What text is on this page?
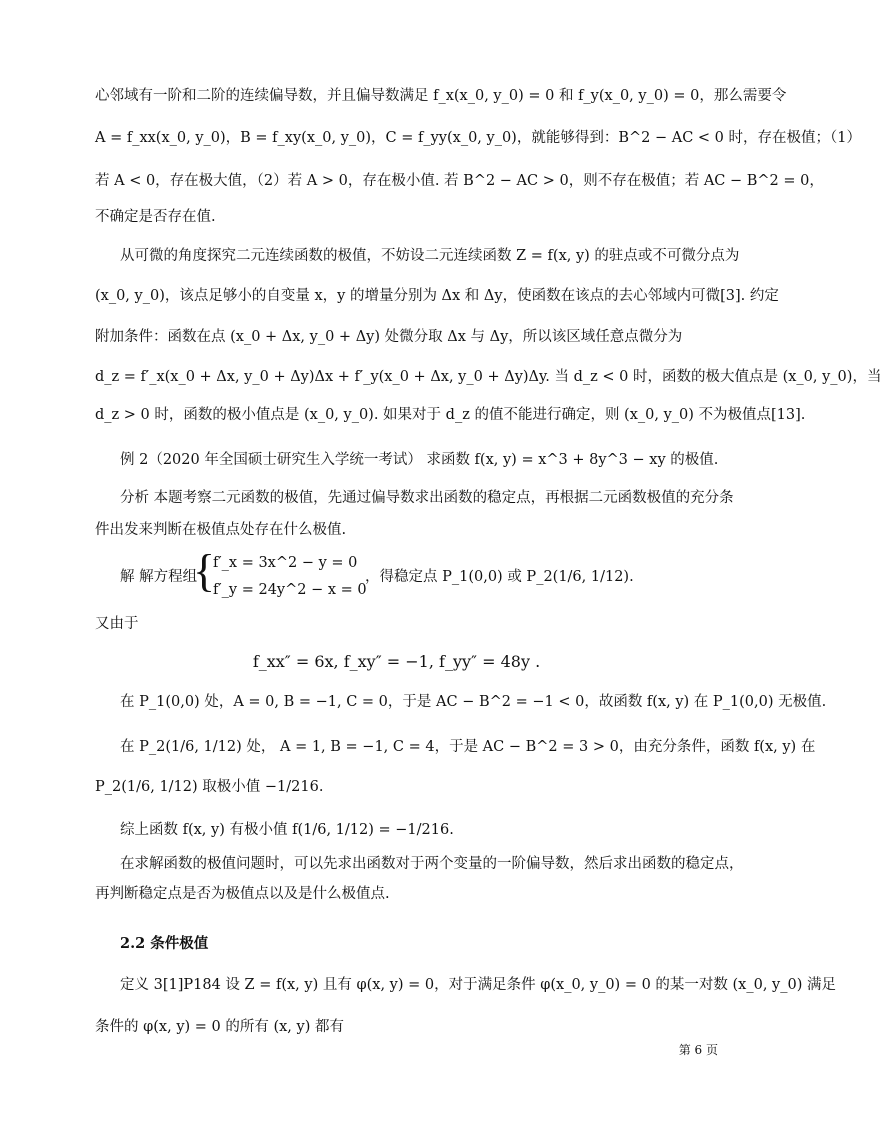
心邻域有一阶和二阶的连续偏导数，并且偏导数满足 f_x(x_0, y_0) = 0 和 f_y(x_0, y_0) = 0，那么需要令
A = f_xx(x_0, y_0)，B = f_xy(x_0, y_0)，C = f_yy(x_0, y_0)，就能够得到：B^2 − AC < 0 时，存在极值；（1）
若 A < 0，存在极大值，（2）若 A > 0，存在极小值. 若 B^2 − AC > 0，则不存在极值；若 AC − B^2 = 0，
不确定是否存在值.
从可微的角度探究二元连续函数的极值，不妨设二元连续函数 Z = f(x, y) 的驻点或不可微分点为
(x_0, y_0)，该点足够小的自变量 x，y 的增量分别为 Δx 和 Δy，使函数在该点的去心邻域内可微[3]. 约定
附加条件：函数在点 (x_0 + Δx, y_0 + Δy) 处微分取 Δx 与 Δy，所以该区域任意点微分为
d_z = f′_x(x_0 + Δx, y_0 + Δy)Δx + f′_y(x_0 + Δx, y_0 + Δy)Δy. 当 d_z < 0 时，函数的极大值点是 (x_0, y_0)，当
d_z > 0 时，函数的极小值点是 (x_0, y_0). 如果对于 d_z 的值不能进行确定，则 (x_0, y_0) 不为极值点[13].
例 2（2020 年全国硕士研究生入学统一考试） 求函数 f(x, y) = x^3 + 8y^3 − xy 的极值.
分析 本题考察二元函数的极值，先通过偏导数求出函数的稳定点，再根据二元函数极值的充分条
件出发来判断在极值点处存在什么极值.
解 解方程组
{
f′_x = 3x^2 − y = 0
f′_y = 24y^2 − x = 0
，得稳定点 P_1(0,0) 或 P_2(1/6, 1/12).
又由于
f_xx″ = 6x, f_xy″ = −1, f_yy″ = 48y .
在 P_1(0,0) 处，A = 0, B = −1, C = 0，于是 AC − B^2 = −1 < 0，故函数 f(x, y) 在 P_1(0,0) 无极值.
在 P_2(1/6, 1/12) 处， A = 1, B = −1, C = 4，于是 AC − B^2 = 3 > 0，由充分条件，函数 f(x, y) 在
P_2(1/6, 1/12) 取极小值 −1/216.
综上函数 f(x, y) 有极小值 f(1/6, 1/12) = −1/216.
在求解函数的极值问题时，可以先求出函数对于两个变量的一阶偏导数，然后求出函数的稳定点，
再判断稳定点是否为极值点以及是什么极值点.
2.2 条件极值
定义 3[1]P184 设 Z = f(x, y) 且有 φ(x, y) = 0，对于满足条件 φ(x_0, y_0) = 0 的某一对数 (x_0, y_0) 满足
条件的 φ(x, y) = 0 的所有 (x, y) 都有
第 6 页
